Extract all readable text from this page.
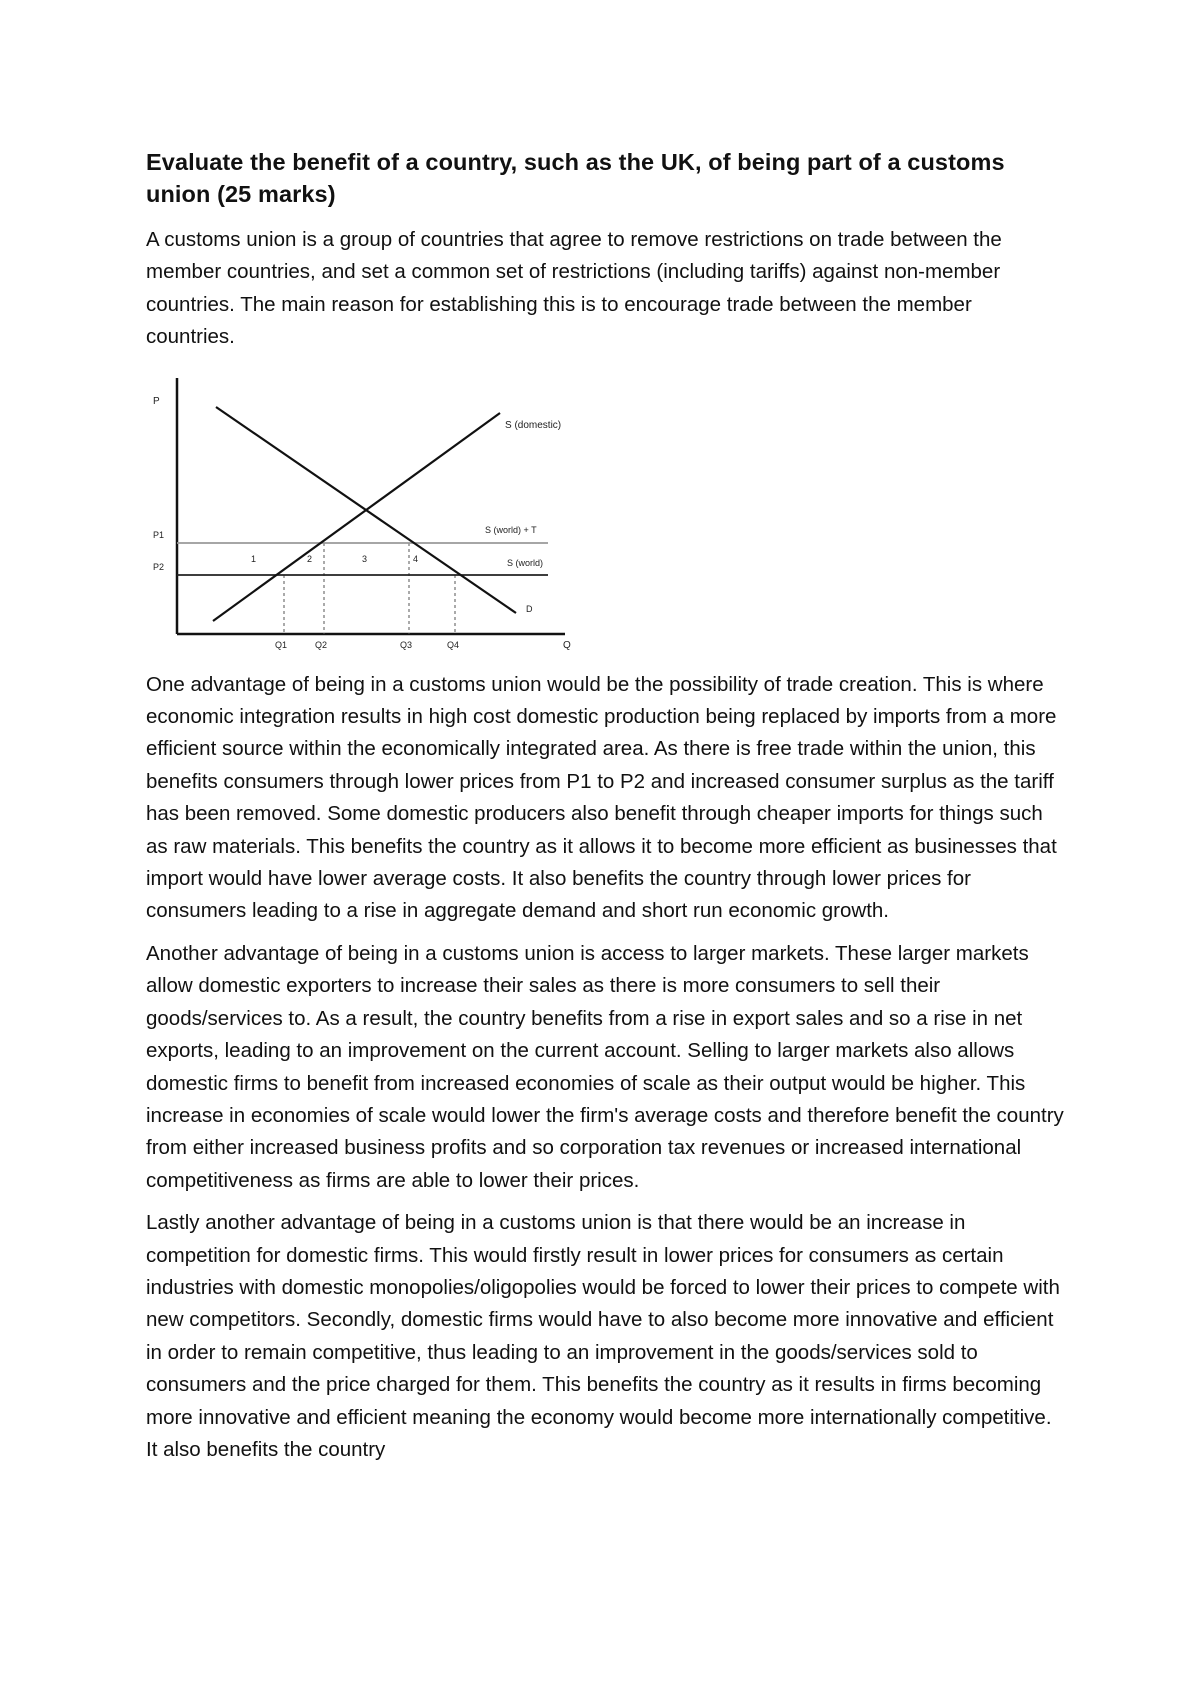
Evaluate the benefit of a country, such as the UK, of being part of a customs union (25 marks)

A customs union is a group of countries that agree to remove restrictions on trade between the member countries, and set a common set of restrictions (including tariffs) against non-member countries. The main reason for establishing this is to encourage trade between the member countries.

P
Q
P1
P2
1	2	3	4
Q1	Q2	Q3	Q4
S (domestic)
S (world) + T
S (world)
D

One advantage of being in a customs union would be the possibility of trade creation. This is where economic integration results in high cost domestic production being replaced by imports from a more efficient source within the economically integrated area. As there is free trade within the union, this benefits consumers through lower prices from P1 to P2 and increased consumer surplus as the tariff has been removed. Some domestic producers also benefit through cheaper imports for things such as raw materials. This benefits the country as it allows it to become more efficient as businesses that import would have lower average costs. It also benefits the country through lower prices for consumers leading to a rise in aggregate demand and short run economic growth.

Another advantage of being in a customs union is access to larger markets. These larger markets allow domestic exporters to increase their sales as there is more consumers to sell their goods/services to. As a result, the country benefits from a rise in export sales and so a rise in net exports, leading to an improvement on the current account. Selling to larger markets also allows domestic firms to benefit from increased economies of scale as their output would be higher. This increase in economies of scale would lower the firm's average costs and therefore benefit the country from either increased business profits and so corporation tax revenues or increased international competitiveness as firms are able to lower their prices.

Lastly another advantage of being in a customs union is that there would be an increase in competition for domestic firms. This would firstly result in lower prices for consumers as certain industries with domestic monopolies/oligopolies would be forced to lower their prices to compete with new competitors. Secondly, domestic firms would have to also become more innovative and efficient in order to remain competitive, thus leading to an improvement in the goods/services sold to consumers and the price charged for them. This benefits the country as it results in firms becoming more innovative and efficient meaning the economy would become more internationally competitive. It also benefits the country
